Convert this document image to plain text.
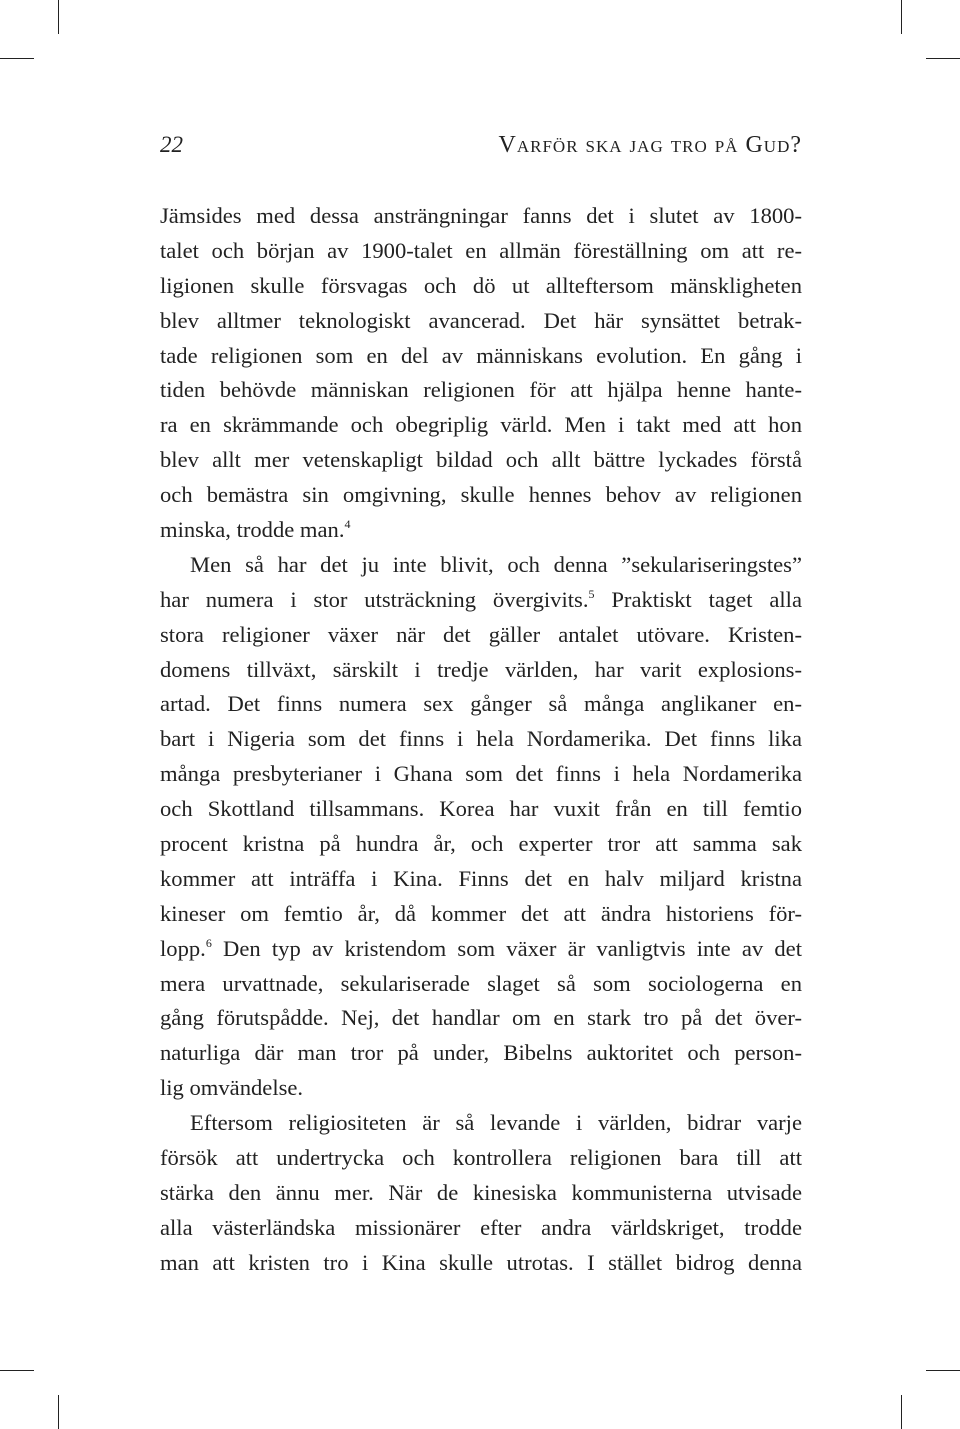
22	Varför ska jag tro på Gud?
Jämsides med dessa ansträngningar fanns det i slutet av 1800-
talet och början av 1900-talet en allmän föreställning om att re-
ligionen skulle försvagas och dö ut allteftersom mänskligheten
blev alltmer teknologiskt avancerad. Det här synsättet betrak-
tade religionen som en del av människans evolution. En gång i
tiden behövde människan religionen för att hjälpa henne hante-
ra en skrämmande och obegriplig värld. Men i takt med att hon
blev allt mer vetenskapligt bildad och allt bättre lyckades förstå
och bemästra sin omgivning, skulle hennes behov av religionen
minska, trodde man.$^4$
Men så har det ju inte blivit, och denna ”sekulariseringstes”
har numera i stor utsträckning övergivits.$^5$ Praktiskt taget alla
stora religioner växer när det gäller antalet utövare. Kristen-
domens tillväxt, särskilt i tredje världen, har varit explosions-
artad. Det finns numera sex gånger så många anglikaner en-
bart i Nigeria som det finns i hela Nordamerika. Det finns lika
många presbyterianer i Ghana som det finns i hela Nordamerika
och Skottland tillsammans. Korea har vuxit från en till femtio
procent kristna på hundra år, och experter tror att samma sak
kommer att inträffa i Kina. Finns det en halv miljard kristna
kineser om femtio år, då kommer det att ändra historiens för-
lopp.$^6$ Den typ av kristendom som växer är vanligtvis inte av det
mera urvattnade, sekulariserade slaget så som sociologerna en
gång förutspådde. Nej, det handlar om en stark tro på det över-
naturliga där man tror på under, Bibelns auktoritet och person-
lig omvändelse.
Eftersom religiositeten är så levande i världen, bidrar varje
försök att undertrycka och kontrollera religionen bara till att
stärka den ännu mer. När de kinesiska kommunisterna utvisade
alla västerländska missionärer efter andra världskriget, trodde
man att kristen tro i Kina skulle utrotas. I stället bidrog denna
